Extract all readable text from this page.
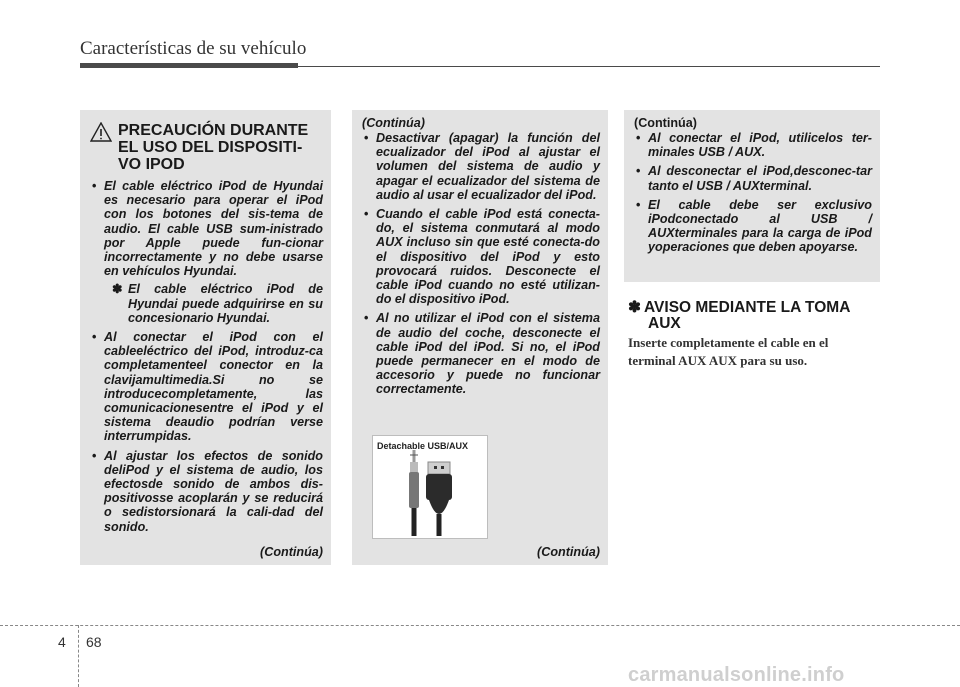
Características de su vehículo
PRECAUCIÓN DURANTE
EL USO DEL DISPOSITI-
VO IPOD
• El cable eléctrico iPod de Hyundai es necesario para operar el iPod con los botones del sis-tema de audio. El cable USB sum-inistrado por Apple puede fun-cionar incorrectamente y no debe usarse en vehículos Hyundai.
✽ El cable eléctrico iPod de Hyundai puede adquirirse en su concesionario Hyundai.
• Al conectar el iPod con el cableeléctrico del iPod, introduz-ca completamenteel conector en la clavijamultimedia.Si no se introducecompletamente, las comunicacionesentre el iPod y el sistema deaudio podrían verse interrumpidas.
• Al ajustar los efectos de sonido deliPod y el sistema de audio, los efectosde sonido de ambos dis-positivosse acoplarán y se reducirá o sedistorsionará la cali-dad del sonido.
(Continúa)
(Continúa)
• Desactivar (apagar) la función del ecualizador del iPod al ajustar el volumen del sistema de audio y apagar el ecualizador del sistema de audio al usar el ecualizador del iPod.
• Cuando el cable iPod está conecta-do, el sistema conmutará al modo AUX incluso sin que esté conecta-do el dispositivo del iPod y esto provocará ruidos. Desconecte el cable iPod cuando no esté utilizan-do el dispositivo iPod.
• Al no utilizar el iPod con el sistema de audio del coche, desconecte el cable iPod del iPod. Si no, el iPod puede permanecer en el modo de accesorio y puede no funcionar correctamente.
(Continúa)
Detachable USB/AUX
(Continúa)
• Al conectar el iPod, utilicelos ter-minales USB / AUX.
• Al desconectar el iPod,desconec-tar tanto el USB / AUXterminal.
• El cable debe ser exclusivo iPodconectado al USB / AUXterminales para la carga de iPod yoperaciones que deben apoyarse.
✽ AVISO MEDIANTE LA TOMA
AUX
Inserte completamente el cable en el terminal AUX AUX para su uso.
4 68
carmanualsonline.info
